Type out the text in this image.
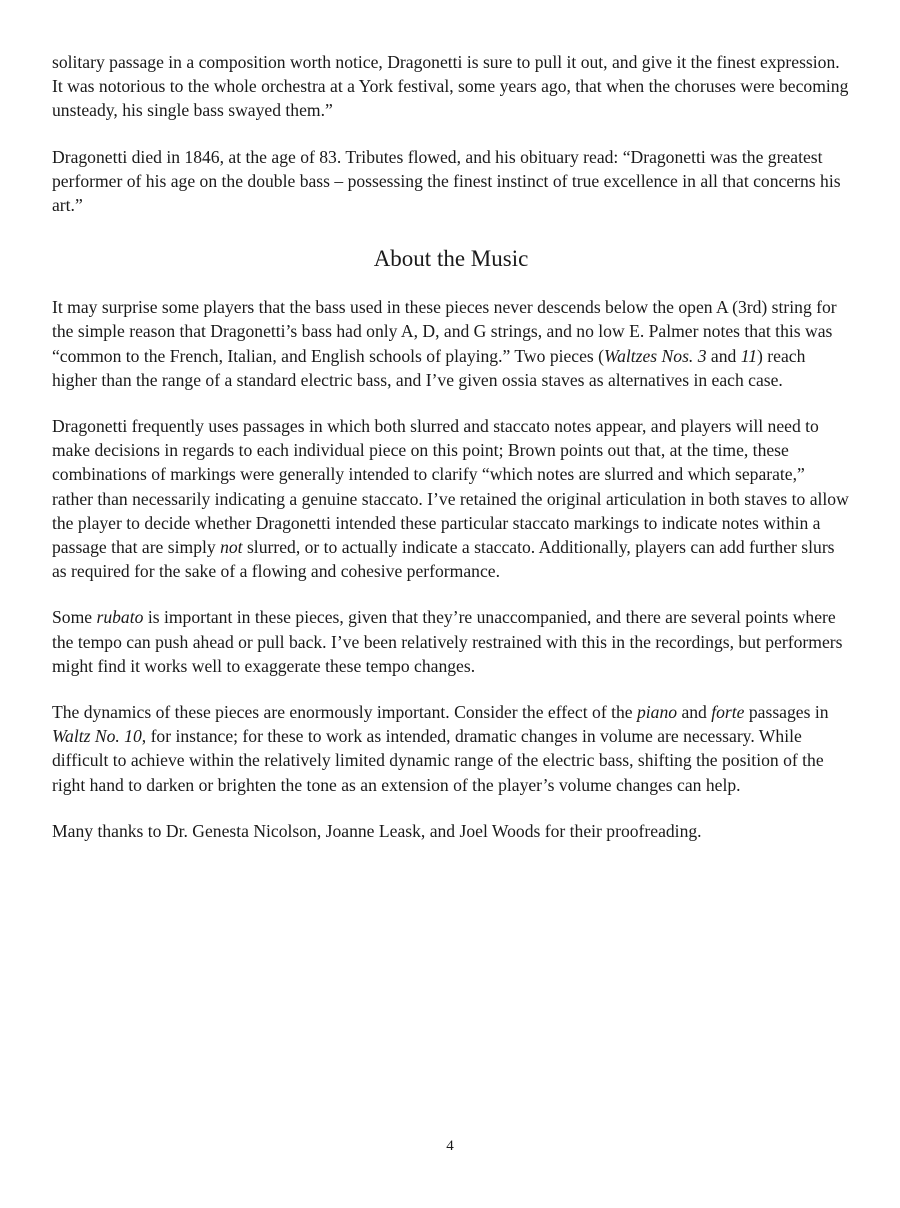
solitary passage in a composition worth notice, Dragonetti is sure to pull it out, and give it the finest expression. It was notorious to the whole orchestra at a York festival, some years ago, that when the choruses were becoming unsteady, his single bass swayed them.”

Dragonetti died in 1846, at the age of 83. Tributes flowed, and his obituary read: “Dragonetti was the greatest performer of his age on the double bass – possessing the finest instinct of true excellence in all that concerns his art.”

About the Music

It may surprise some players that the bass used in these pieces never descends below the open A (3rd) string for the simple reason that Dragonetti’s bass had only A, D, and G strings, and no low E. Palmer notes that this was “common to the French, Italian, and English schools of playing.” Two pieces (Waltzes Nos. 3 and 11) reach higher than the range of a standard electric bass, and I’ve given ossia staves as alternatives in each case.

Dragonetti frequently uses passages in which both slurred and staccato notes appear, and players will need to make decisions in regards to each individual piece on this point; Brown points out that, at the time, these combinations of markings were generally intended to clarify “which notes are slurred and which separate,” rather than necessarily indicating a genuine staccato. I’ve retained the original articulation in both staves to allow the player to decide whether Dragonetti intended these particular staccato markings to indicate notes within a passage that are simply not slurred, or to actually indicate a staccato. Additionally, players can add further slurs as required for the sake of a flowing and cohesive performance.

Some rubato is important in these pieces, given that they’re unaccompanied, and there are several points where the tempo can push ahead or pull back. I’ve been relatively restrained with this in the recordings, but performers might find it works well to exaggerate these tempo changes.

The dynamics of these pieces are enormously important. Consider the effect of the piano and forte passages in Waltz No. 10, for instance; for these to work as intended, dramatic changes in volume are necessary. While difficult to achieve within the relatively limited dynamic range of the electric bass, shifting the position of the right hand to darken or brighten the tone as an extension of the player’s volume changes can help.

Many thanks to Dr. Genesta Nicolson, Joanne Leask, and Joel Woods for their proofreading.

4
